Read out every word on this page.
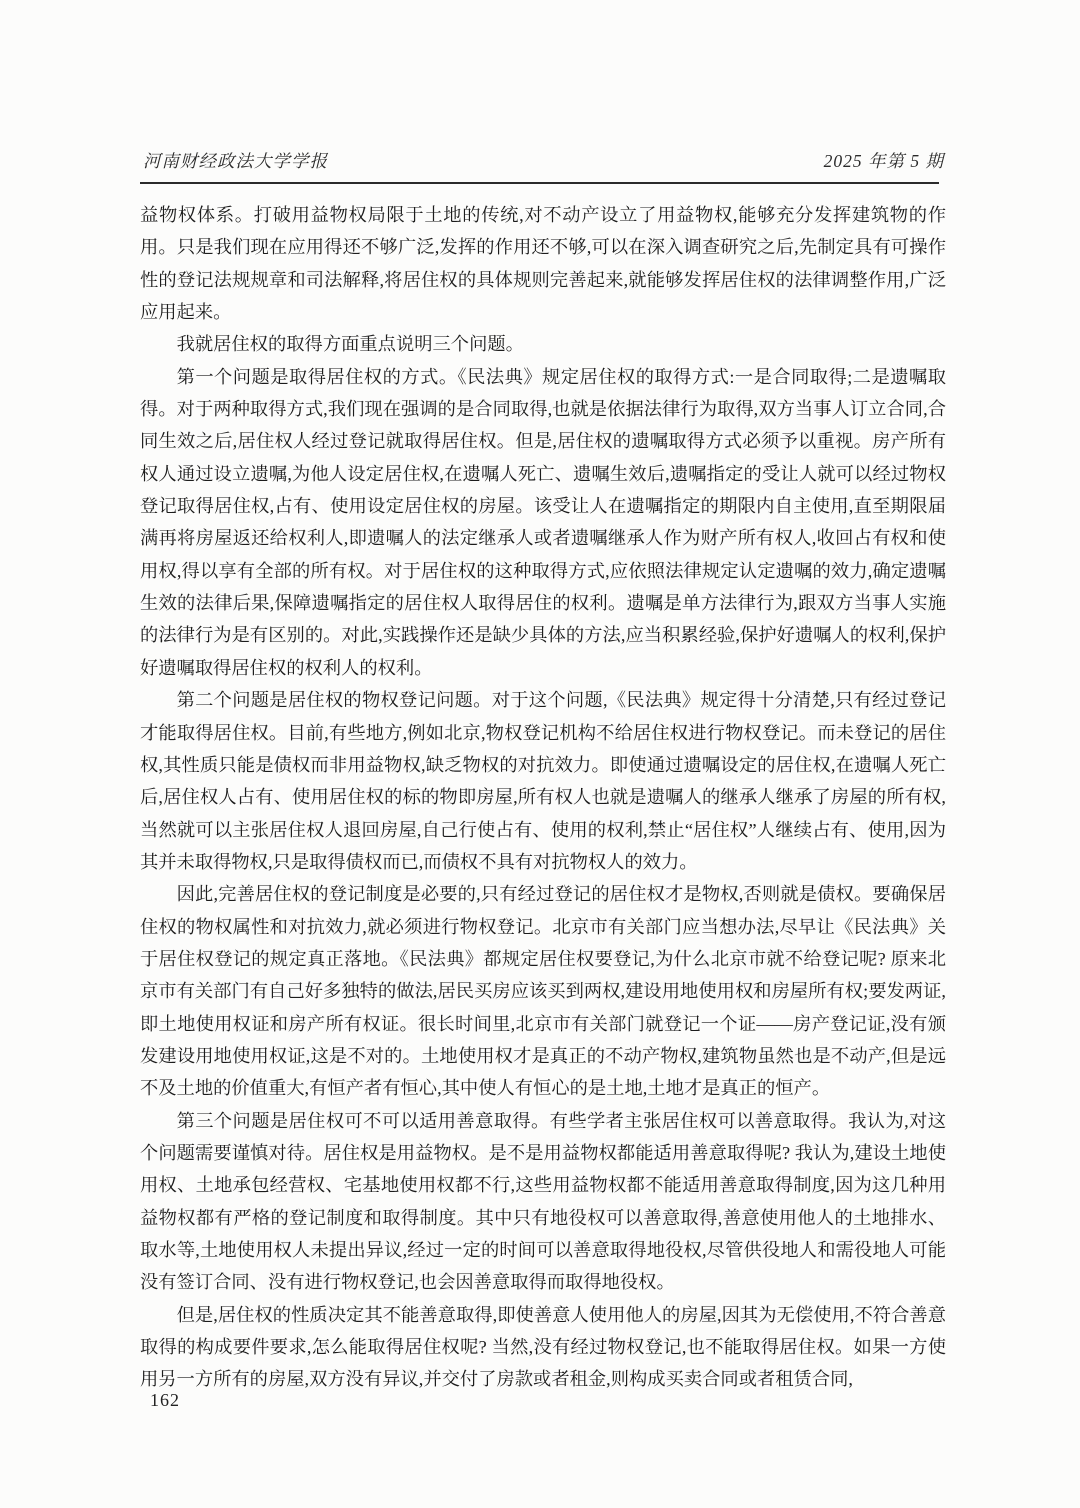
河南财经政法大学学报	2025 年第 5 期

益物权体系。打破用益物权局限于土地的传统,对不动产设立了用益物权,能够充分发挥建筑物的作用。只是我们现在应用得还不够广泛,发挥的作用还不够,可以在深入调查研究之后,先制定具有可操作性的登记法规规章和司法解释,将居住权的具体规则完善起来,就能够发挥居住权的法律调整作用,广泛应用起来。

我就居住权的取得方面重点说明三个问题。

第一个问题是取得居住权的方式。《民法典》规定居住权的取得方式:一是合同取得;二是遗嘱取得。对于两种取得方式,我们现在强调的是合同取得,也就是依据法律行为取得,双方当事人订立合同,合同生效之后,居住权人经过登记就取得居住权。但是,居住权的遗嘱取得方式必须予以重视。房产所有权人通过设立遗嘱,为他人设定居住权,在遗嘱人死亡、遗嘱生效后,遗嘱指定的受让人就可以经过物权登记取得居住权,占有、使用设定居住权的房屋。该受让人在遗嘱指定的期限内自主使用,直至期限届满再将房屋返还给权利人,即遗嘱人的法定继承人或者遗嘱继承人作为财产所有权人,收回占有权和使用权,得以享有全部的所有权。对于居住权的这种取得方式,应依照法律规定认定遗嘱的效力,确定遗嘱生效的法律后果,保障遗嘱指定的居住权人取得居住的权利。遗嘱是单方法律行为,跟双方当事人实施的法律行为是有区别的。对此,实践操作还是缺少具体的方法,应当积累经验,保护好遗嘱人的权利,保护好遗嘱取得居住权的权利人的权利。

第二个问题是居住权的物权登记问题。对于这个问题,《民法典》规定得十分清楚,只有经过登记才能取得居住权。目前,有些地方,例如北京,物权登记机构不给居住权进行物权登记。而未登记的居住权,其性质只能是债权而非用益物权,缺乏物权的对抗效力。即使通过遗嘱设定的居住权,在遗嘱人死亡后,居住权人占有、使用居住权的标的物即房屋,所有权人也就是遗嘱人的继承人继承了房屋的所有权,当然就可以主张居住权人退回房屋,自己行使占有、使用的权利,禁止“居住权”人继续占有、使用,因为其并未取得物权,只是取得债权而已,而债权不具有对抗物权人的效力。

因此,完善居住权的登记制度是必要的,只有经过登记的居住权才是物权,否则就是债权。要确保居住权的物权属性和对抗效力,就必须进行物权登记。北京市有关部门应当想办法,尽早让《民法典》关于居住权登记的规定真正落地。《民法典》都规定居住权要登记,为什么北京市就不给登记呢? 原来北京市有关部门有自己好多独特的做法,居民买房应该买到两权,建设用地使用权和房屋所有权;要发两证,即土地使用权证和房产所有权证。很长时间里,北京市有关部门就登记一个证——房产登记证,没有颁发建设用地使用权证,这是不对的。土地使用权才是真正的不动产物权,建筑物虽然也是不动产,但是远不及土地的价值重大,有恒产者有恒心,其中使人有恒心的是土地,土地才是真正的恒产。

第三个问题是居住权可不可以适用善意取得。有些学者主张居住权可以善意取得。我认为,对这个问题需要谨慎对待。居住权是用益物权。是不是用益物权都能适用善意取得呢? 我认为,建设土地使用权、土地承包经营权、宅基地使用权都不行,这些用益物权都不能适用善意取得制度,因为这几种用益物权都有严格的登记制度和取得制度。其中只有地役权可以善意取得,善意使用他人的土地排水、取水等,土地使用权人未提出异议,经过一定的时间可以善意取得地役权,尽管供役地人和需役地人可能没有签订合同、没有进行物权登记,也会因善意取得而取得地役权。

但是,居住权的性质决定其不能善意取得,即使善意人使用他人的房屋,因其为无偿使用,不符合善意取得的构成要件要求,怎么能取得居住权呢? 当然,没有经过物权登记,也不能取得居住权。如果一方使用另一方所有的房屋,双方没有异议,并交付了房款或者租金,则构成买卖合同或者租赁合同,

162
